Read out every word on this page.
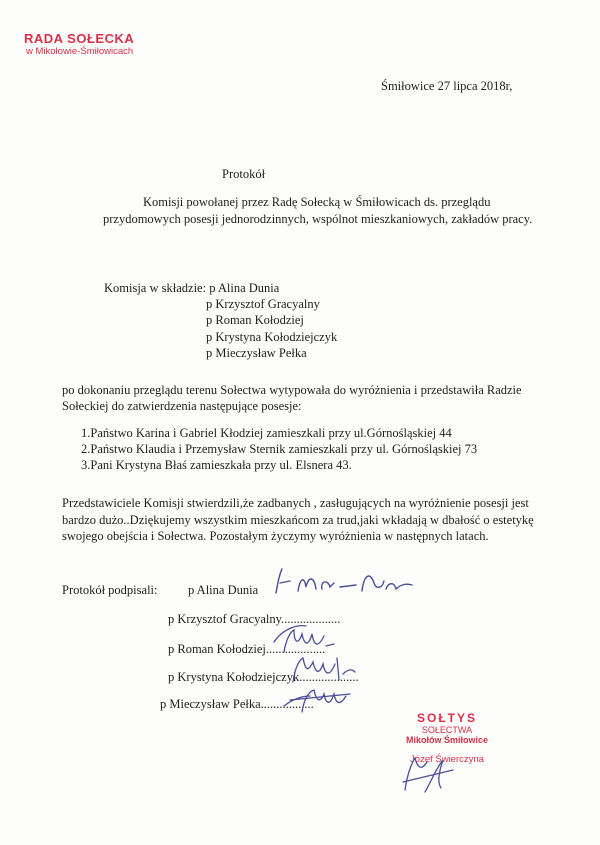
RADA SOŁECKA
w Mikołowie-Śmiłowicach
Śmiłowice 27 lipca 2018r,
Protokół
Komisji powołanej przez Radę Sołecką w Śmiłowicach ds. przeglądu
przydomowych posesji jednorodzinnych, wspólnot mieszkaniowych, zakładów pracy.
Komisja w składzie: p Alina Dunia
p Krzysztof Gracyalny
p Roman Kołodziej
p Krystyna Kołodziejczyk
p Mieczysław Pełka
po dokonaniu przeglądu terenu Sołectwa wytypowała do wyróżnienia i przedstawiła Radzie
Sołeckiej do zatwierdzenia następujące posesje:
1.Państwo Karina i Gabriel Kłodziej zamieszkali przy ul.Górnośląskiej 44
2.Państwo Klaudia i Przemysław Sternik zamieszkali przy ul. Górnośląskiej 73
3.Pani Krystyna Błaś zamieszkała przy ul. Elsnera 43.
Przedstawiciele Komisji stwierdzili,że zadbanych , zasługujących na wyróżnienie posesji jest
bardzo dużo..Dziękujemy wszystkim mieszkańcom za trud,jaki wkładają w dbałość o estetykę
swojego obejścia i Sołectwa. Pozostałym życzymy wyróżnienia w następnych latach.
Protokół podpisali: p Alina Dunia
p Krzysztof Gracyalny...................
p Roman Kołodziej...................
p Krystyna Kołodziejczyk...................
p Mieczysław Pełka.................
SOŁTYS
SOŁECTWA
Mikołów Śmiłowice
Józef Świerczyna
